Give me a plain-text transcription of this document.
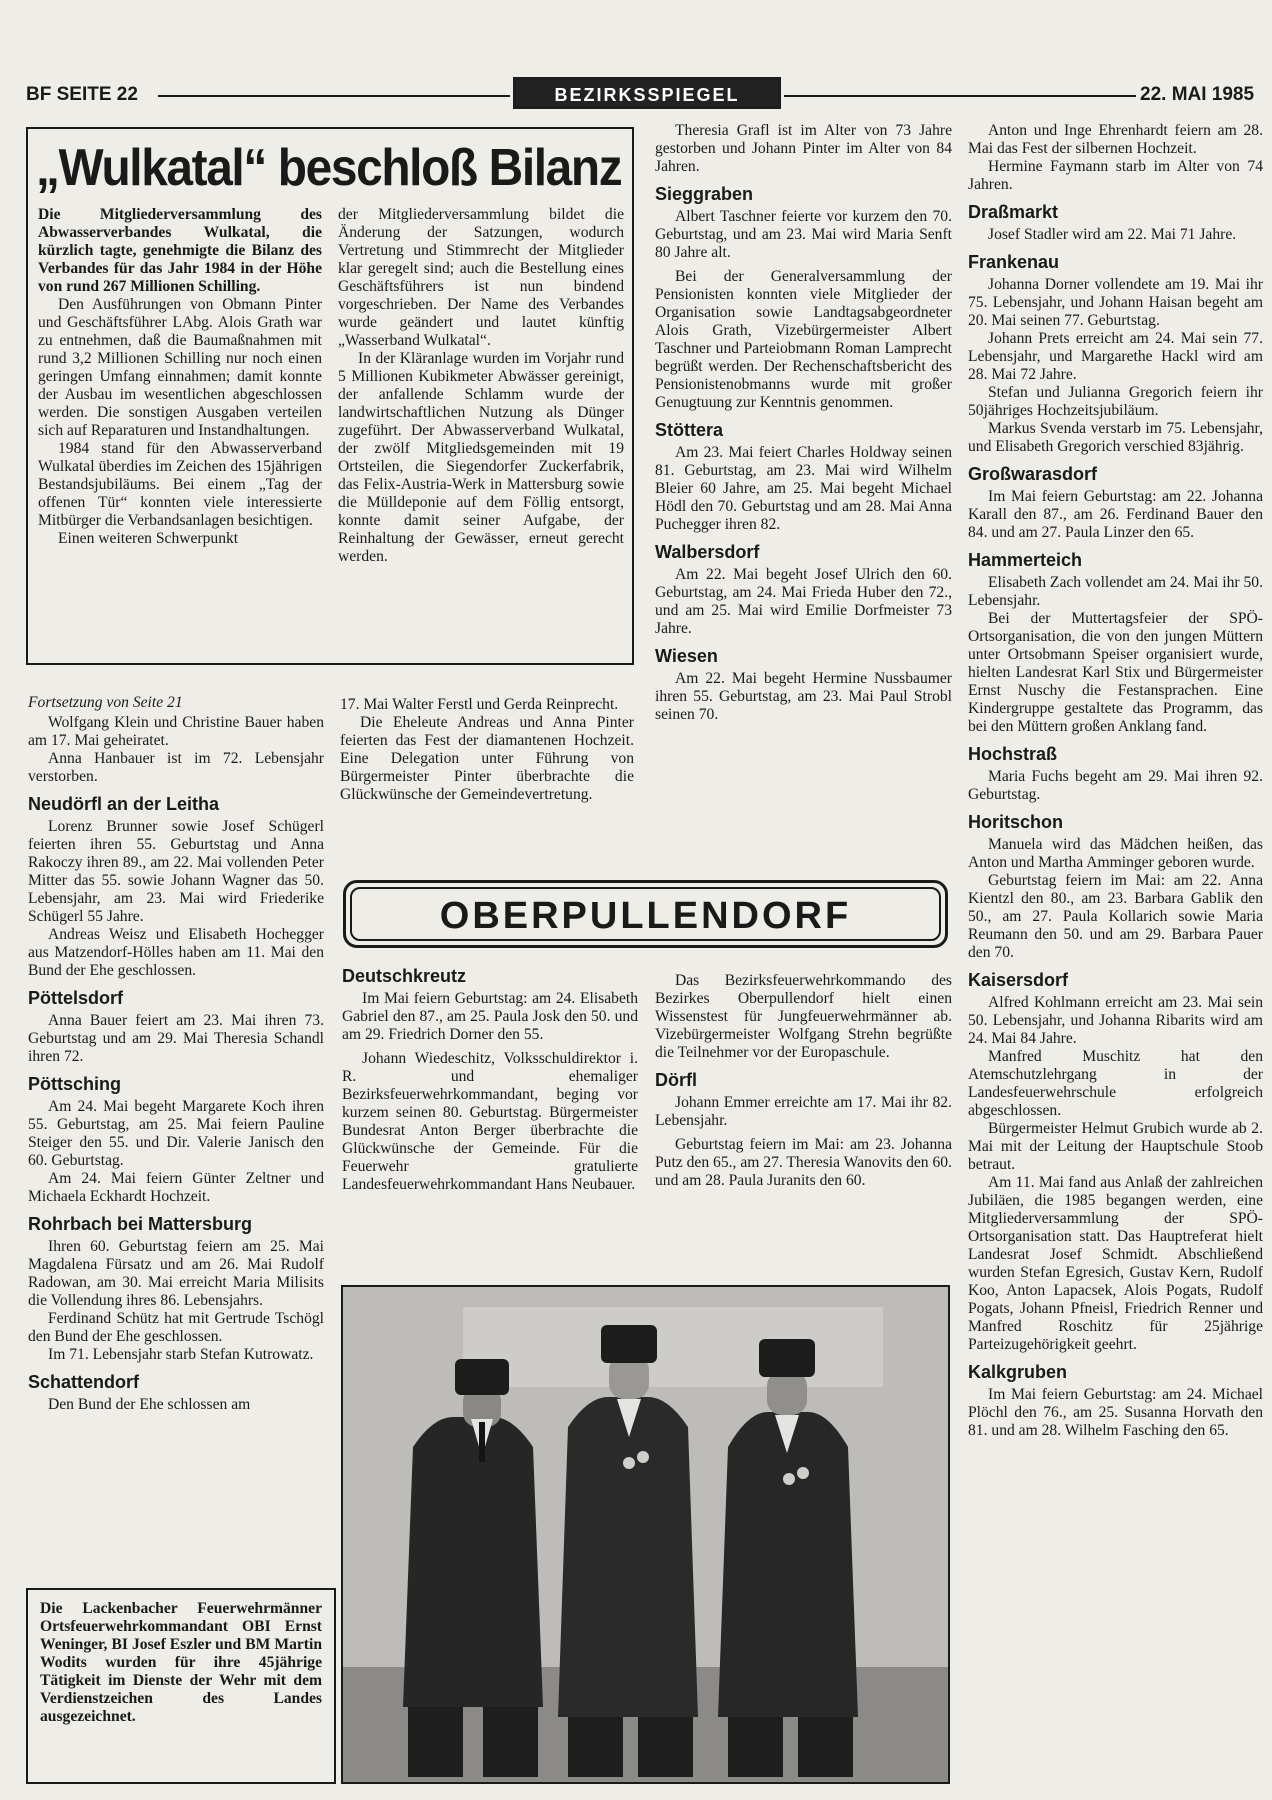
BF SEITE 22	BEZIRKSSPIEGEL	22. MAI 1985
„Wulkatal“ beschloß Bilanz

Die Mitgliederversammlung des Abwasserverbandes Wulkatal, die kürzlich tagte, genehmigte die Bilanz des Verbandes für das Jahr 1984 in der Höhe von rund 267 Millionen Schilling.

Den Ausführungen von Obmann Pinter und Geschäftsführer LAbg. Alois Grath war zu entnehmen, daß die Baumaßnahmen mit rund 3,2 Millionen Schilling nur noch einen geringen Umfang einnahmen; damit konnte der Ausbau im wesentlichen abgeschlossen werden. Die sonstigen Ausgaben verteilen sich auf Reparaturen und Instandhaltungen.

1984 stand für den Abwasserverband Wulkatal überdies im Zeichen des 15jährigen Bestandsjubiläums. Bei einem „Tag der offenen Tür“ konnten viele interessierte Mitbürger die Verbandsanlagen besichtigen.

Einen weiteren Schwerpunkt

der Mitgliederversammlung bildet die Änderung der Satzungen, wodurch Vertretung und Stimmrecht der Mitglieder klar geregelt sind; auch die Bestellung eines Geschäftsführers ist nun bindend vorgeschrieben. Der Name des Verbandes wurde geändert und lautet künftig „Wasserband Wulkatal“.

In der Kläranlage wurden im Vorjahr rund 5 Millionen Kubikmeter Abwässer gereinigt, der anfallende Schlamm wurde der landwirtschaftlichen Nutzung als Dünger zugeführt. Der Abwasserverband Wulkatal, der zwölf Mitgliedsgemeinden mit 19 Ortsteilen, die Siegendorfer Zuckerfabrik, das Felix-Austria-Werk in Mattersburg sowie die Mülldeponie auf dem Föllig entsorgt, konnte damit seiner Aufgabe, der Reinhaltung der Gewässer, erneut gerecht werden.

Fortsetzung von Seite 21

Wolfgang Klein und Christine Bauer haben am 17. Mai geheiratet.

Anna Hanbauer ist im 72. Lebensjahr verstorben.

Neudörfl an der Leitha

Lorenz Brunner sowie Josef Schügerl feierten ihren 55. Geburtstag und Anna Rakoczy ihren 89., am 22. Mai vollenden Peter Mitter das 55. sowie Johann Wagner das 50. Lebensjahr, am 23. Mai wird Friederike Schügerl 55 Jahre.

Andreas Weisz und Elisabeth Hochegger aus Matzendorf-Hölles haben am 11. Mai den Bund der Ehe geschlossen.

Pöttelsdorf

Anna Bauer feiert am 23. Mai ihren 73. Geburtstag und am 29. Mai Theresia Schandl ihren 72.

Pöttsching

Am 24. Mai begeht Margarete Koch ihren 55. Geburtstag, am 25. Mai feiern Pauline Steiger den 55. und Dir. Valerie Janisch den 60. Geburtstag.

Am 24. Mai feiern Günter Zeltner und Michaela Eckhardt Hochzeit.

Rohrbach bei Mattersburg

Ihren 60. Geburtstag feiern am 25. Mai Magdalena Fürsatz und am 26. Mai Rudolf Radowan, am 30. Mai erreicht Maria Milisits die Vollendung ihres 86. Lebensjahrs.

Ferdinand Schütz hat mit Gertrude Tschögl den Bund der Ehe geschlossen.

Im 71. Lebensjahr starb Stefan Kutrowatz.

Schattendorf

Den Bund der Ehe schlossen am

17. Mai Walter Ferstl und Gerda Reinprecht.

Die Eheleute Andreas und Anna Pinter feierten das Fest der diamantenen Hochzeit. Eine Delegation unter Führung von Bürgermeister Pinter überbrachte die Glückwünsche der Gemeindevertretung.

Theresia Grafl ist im Alter von 73 Jahre gestorben und Johann Pinter im Alter von 84 Jahren.

Sieggraben

Albert Taschner feierte vor kurzem den 70. Geburtstag, und am 23. Mai wird Maria Senft 80 Jahre alt.

Bei der Generalversammlung der Pensionisten konnten viele Mitglieder der Organisation sowie Landtagsabgeordneter Alois Grath, Vizebürgermeister Albert Taschner und Parteiobmann Roman Lamprecht begrüßt werden. Der Rechenschaftsbericht des Pensionistenobmanns wurde mit großer Genugtuung zur Kenntnis genommen.

Stöttera

Am 23. Mai feiert Charles Holdway seinen 81. Geburtstag, am 23. Mai wird Wilhelm Bleier 60 Jahre, am 25. Mai begeht Michael Hödl den 70. Geburtstag und am 28. Mai Anna Puchegger ihren 82.

Walbersdorf

Am 22. Mai begeht Josef Ulrich den 60. Geburtstag, am 24. Mai Frieda Huber den 72., und am 25. Mai wird Emilie Dorfmeister 73 Jahre.

Wiesen

Am 22. Mai begeht Hermine Nussbaumer ihren 55. Geburtstag, am 23. Mai Paul Strobl seinen 70.

OBERPULLENDORF
Deutschkreutz

Im Mai feiern Geburtstag: am 24. Elisabeth Gabriel den 87., am 25. Paula Josk den 50. und am 29. Friedrich Dorner den 55.

Johann Wiedeschitz, Volksschuldirektor i. R. und ehemaliger Bezirksfeuerwehrkommandant, beging vor kurzem seinen 80. Geburtstag. Bürgermeister Bundesrat Anton Berger überbrachte die Glückwünsche der Gemeinde. Für die Feuerwehr gratulierte Landesfeuerwehrkommandant Hans Neubauer.

Das Bezirksfeuerwehrkommando des Bezirkes Oberpullendorf hielt einen Wissenstest für Jungfeuerwehrmänner ab. Vizebürgermeister Wolfgang Strehn begrüßte die Teilnehmer vor der Europaschule.

Dörfl

Johann Emmer erreichte am 17. Mai ihr 82. Lebensjahr.

Geburtstag feiern im Mai: am 23. Johanna Putz den 65., am 27. Theresia Wanovits den 60. und am 28. Paula Juranits den 60.

Die Lackenbacher Feuerwehrmänner Ortsfeuerwehrkommandant OBI Ernst Weninger, BI Josef Eszler und BM Martin Wodits wurden für ihre 45jährige Tätigkeit im Dienste der Wehr mit dem Verdienstzeichen des Landes ausgezeichnet.

Anton und Inge Ehrenhardt feiern am 28. Mai das Fest der silbernen Hochzeit.

Hermine Faymann starb im Alter von 74 Jahren.

Draßmarkt

Josef Stadler wird am 22. Mai 71 Jahre.

Frankenau

Johanna Dorner vollendete am 19. Mai ihr 75. Lebensjahr, und Johann Haisan begeht am 20. Mai seinen 77. Geburtstag.

Johann Prets erreicht am 24. Mai sein 77. Lebensjahr, und Margarethe Hackl wird am 28. Mai 72 Jahre.

Stefan und Julianna Gregorich feiern ihr 50jähriges Hochzeitsjubiläum.

Markus Svenda verstarb im 75. Lebensjahr, und Elisabeth Gregorich verschied 83jährig.

Großwarasdorf

Im Mai feiern Geburtstag: am 22. Johanna Karall den 87., am 26. Ferdinand Bauer den 84. und am 27. Paula Linzer den 65.

Hammerteich

Elisabeth Zach vollendet am 24. Mai ihr 50. Lebensjahr.

Bei der Muttertagsfeier der SPÖ-Ortsorganisation, die von den jungen Müttern unter Ortsobmann Speiser organisiert wurde, hielten Landesrat Karl Stix und Bürgermeister Ernst Nuschy die Festansprachen. Eine Kindergruppe gestaltete das Programm, das bei den Müttern großen Anklang fand.

Hochstraß

Maria Fuchs begeht am 29. Mai ihren 92. Geburtstag.

Horitschon

Manuela wird das Mädchen heißen, das Anton und Martha Amminger geboren wurde.

Geburtstag feiern im Mai: am 22. Anna Kientzl den 80., am 23. Barbara Gablik den 50., am 27. Paula Kollarich sowie Maria Reumann den 50. und am 29. Barbara Pauer den 70.

Kaisersdorf

Alfred Kohlmann erreicht am 23. Mai sein 50. Lebensjahr, und Johanna Ribarits wird am 24. Mai 84 Jahre.

Manfred Muschitz hat den Atemschutzlehrgang in der Landesfeuerwehrschule erfolgreich abgeschlossen.

Bürgermeister Helmut Grubich wurde ab 2. Mai mit der Leitung der Hauptschule Stoob betraut.

Am 11. Mai fand aus Anlaß der zahlreichen Jubiläen, die 1985 begangen werden, eine Mitgliederversammlung der SPÖ-Ortsorganisation statt. Das Hauptreferat hielt Landesrat Josef Schmidt. Abschließend wurden Stefan Egresich, Gustav Kern, Rudolf Koo, Anton Lapacsek, Alois Pogats, Rudolf Pogats, Johann Pfneisl, Friedrich Renner und Manfred Roschitz für 25jährige Parteizugehörigkeit geehrt.

Kalkgruben

Im Mai feiern Geburtstag: am 24. Michael Plöchl den 76., am 25. Susanna Horvath den 81. und am 28. Wilhelm Fasching den 65.
